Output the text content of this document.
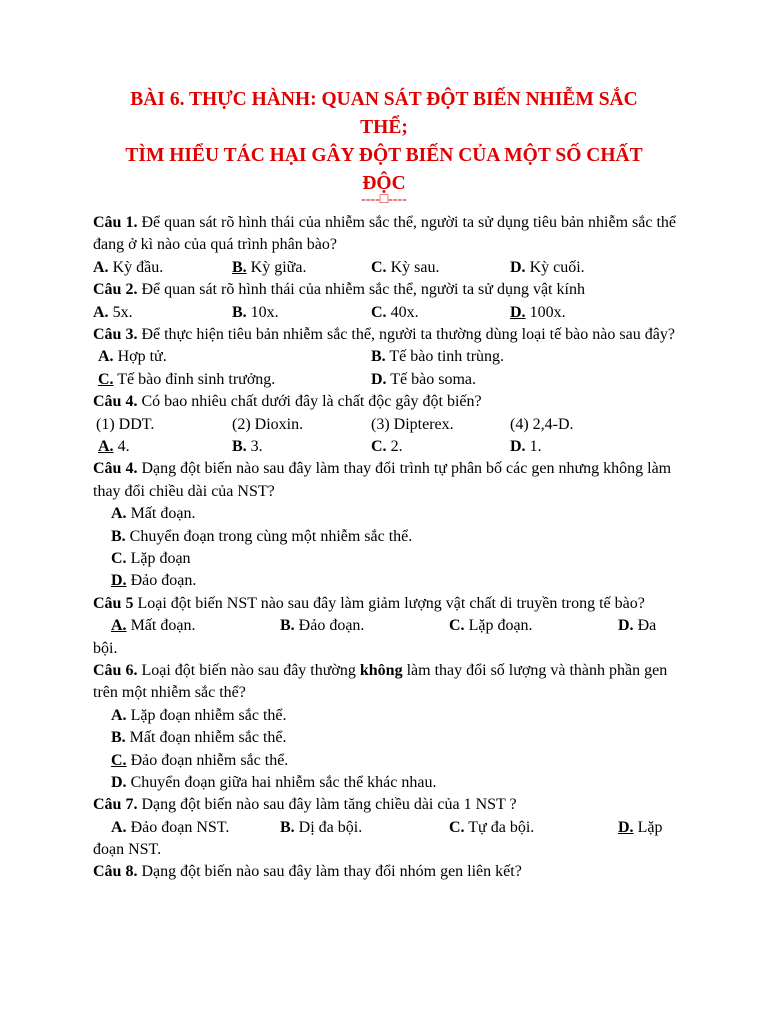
BÀI 6. THỰC HÀNH: QUAN SÁT ĐỘT BIẾN NHIỄM SẮC
THỂ;
TÌM HIỂU TÁC HẠI GÂY ĐỘT BIẾN CỦA MỘT SỐ CHẤT
ĐỘC
----□----
Câu 1. Để quan sát rõ hình thái của nhiễm sắc thể, người ta sử dụng tiêu bản nhiễm sắc thể đang ở kì nào của quá trình phân bào?
A. Kỳ đầu.	B. Kỳ giữa.	C. Kỳ sau.	D. Kỳ cuối.
Câu 2. Để quan sát rõ hình thái của nhiễm sắc thể, người ta sử dụng vật kính
A. 5x.	B. 10x.	C. 40x.	D. 100x.
Câu 3. Để thực hiện tiêu bản nhiễm sắc thể, người ta thường dùng loại tế bào nào sau đây?
A. Hợp tử.	B. Tế bào tinh trùng.
C. Tế bào đỉnh sinh trưởng.	D. Tế bào soma.
Câu 4. Có bao nhiêu chất dưới đây là chất độc gây đột biến?
(1) DDT.	(2) Dioxin.	(3) Dipterex.	(4) 2,4-D.
A. 4.	B. 3.	C. 2.	D. 1.
Câu 4. Dạng đột biến nào sau đây làm thay đổi trình tự phân bố các gen nhưng không làm thay đổi chiều dài của NST?
A. Mất đoạn.
B. Chuyển đoạn trong cùng một nhiễm sắc thể.
C. Lặp đoạn
D. Đảo đoạn.
Câu 5 Loại đột biến NST nào sau đây làm giảm lượng vật chất di truyền trong tế bào?
A. Mất đoạn.	B. Đảo đoạn.	C. Lặp đoạn.	D. Đa
bội.
Câu 6. Loại đột biến nào sau đây thường không làm thay đổi số lượng và thành phần gen trên một nhiễm sắc thể?
A. Lặp đoạn nhiễm sắc thể.
B. Mất đoạn nhiễm sắc thể.
C. Đảo đoạn nhiễm sắc thể.
D. Chuyển đoạn giữa hai nhiễm sắc thể khác nhau.
Câu 7. Dạng đột biến nào sau đây làm tăng chiều dài của 1 NST ?
A. Đảo đoạn NST.	B. Dị đa bội.	C. Tự đa bội.	D. Lặp
đoạn NST.
Câu 8. Dạng đột biến nào sau đây làm thay đổi nhóm gen liên kết?
